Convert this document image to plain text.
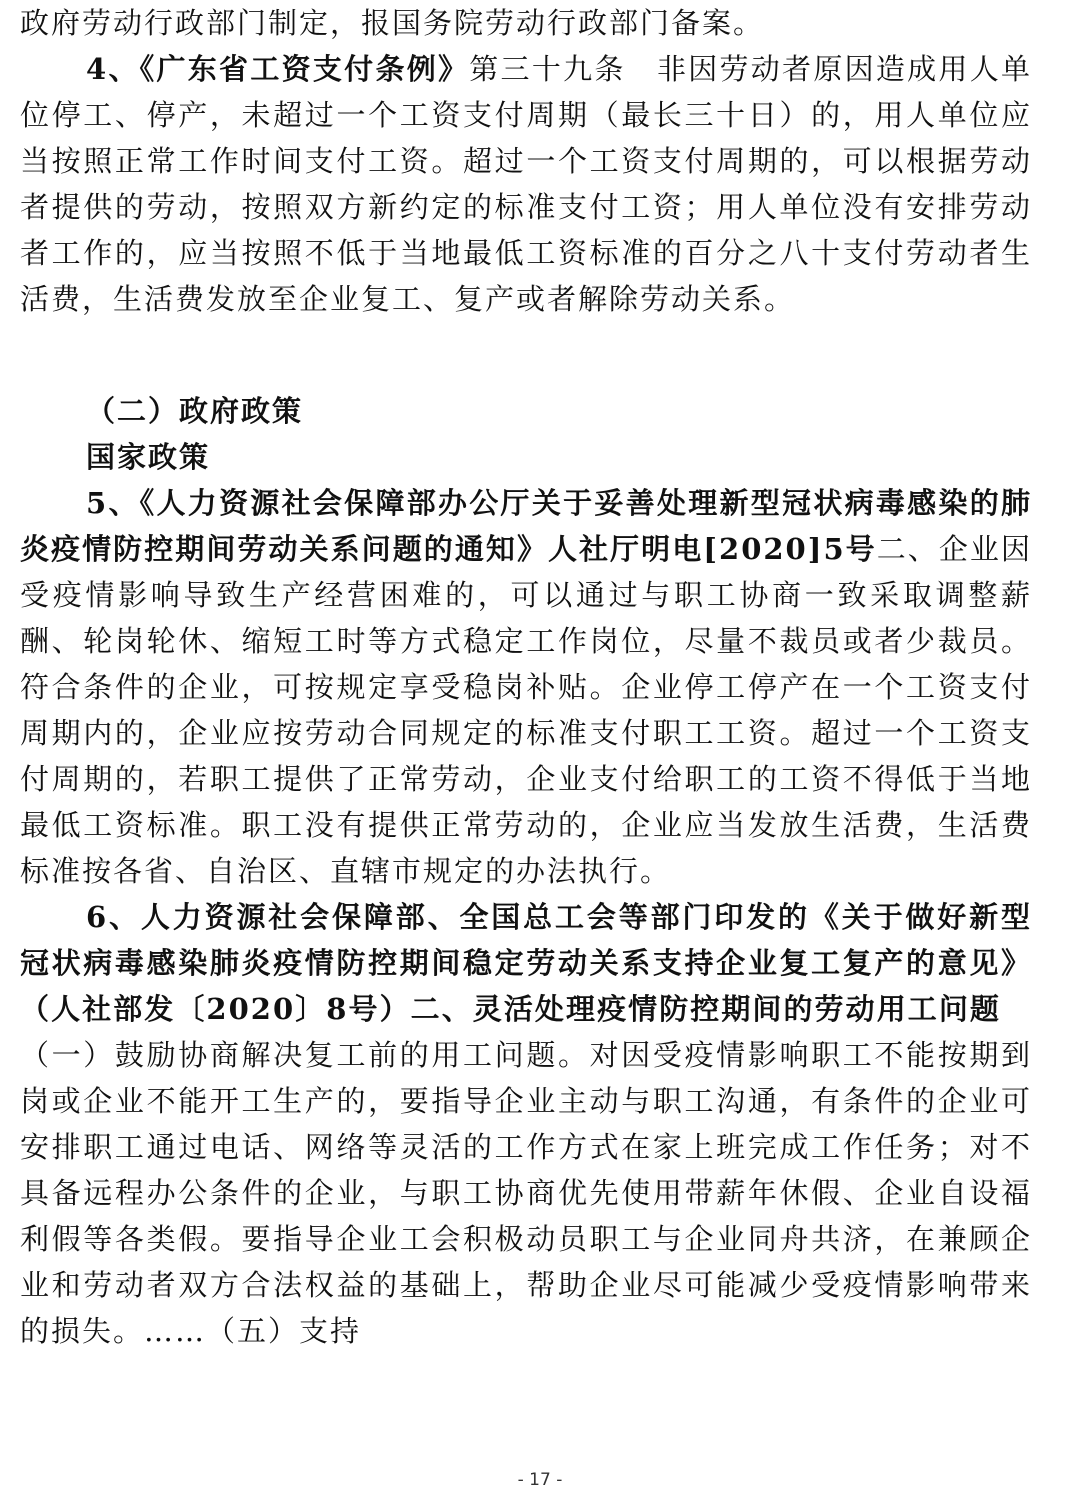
政府劳动行政部门制定，报国务院劳动行政部门备案。

4、《广东省工资支付条例》第三十九条　非因劳动者原因造成用人单位停工、停产，未超过一个工资支付周期（最长三十日）的，用人单位应当按照正常工作时间支付工资。超过一个工资支付周期的，可以根据劳动者提供的劳动，按照双方新约定的标准支付工资；用人单位没有安排劳动者工作的，应当按照不低于当地最低工资标准的百分之八十支付劳动者生活费，生活费发放至企业复工、复产或者解除劳动关系。

（二）政府政策

国家政策

5、《人力资源社会保障部办公厅关于妥善处理新型冠状病毒感染的肺炎疫情防控期间劳动关系问题的通知》人社厅明电[2020]5号二、企业因受疫情影响导致生产经营困难的，可以通过与职工协商一致采取调整薪酬、轮岗轮休、缩短工时等方式稳定工作岗位，尽量不裁员或者少裁员。符合条件的企业，可按规定享受稳岗补贴。企业停工停产在一个工资支付周期内的，企业应按劳动合同规定的标准支付职工工资。超过一个工资支付周期的，若职工提供了正常劳动，企业支付给职工的工资不得低于当地最低工资标准。职工没有提供正常劳动的，企业应当发放生活费，生活费标准按各省、自治区、直辖市规定的办法执行。

6、人力资源社会保障部、全国总工会等部门印发的《关于做好新型冠状病毒感染肺炎疫情防控期间稳定劳动关系支持企业复工复产的意见》（人社部发〔2020〕8号）二、灵活处理疫情防控期间的劳动用工问题　（一）鼓励协商解决复工前的用工问题。对因受疫情影响职工不能按期到岗或企业不能开工生产的，要指导企业主动与职工沟通，有条件的企业可安排职工通过电话、网络等灵活的工作方式在家上班完成工作任务；对不具备远程办公条件的企业，与职工协商优先使用带薪年休假、企业自设福利假等各类假。要指导企业工会积极动员职工与企业同舟共济，在兼顾企业和劳动者双方合法权益的基础上，帮助企业尽可能减少受疫情影响带来的损失。……（五）支持

- 17 -
